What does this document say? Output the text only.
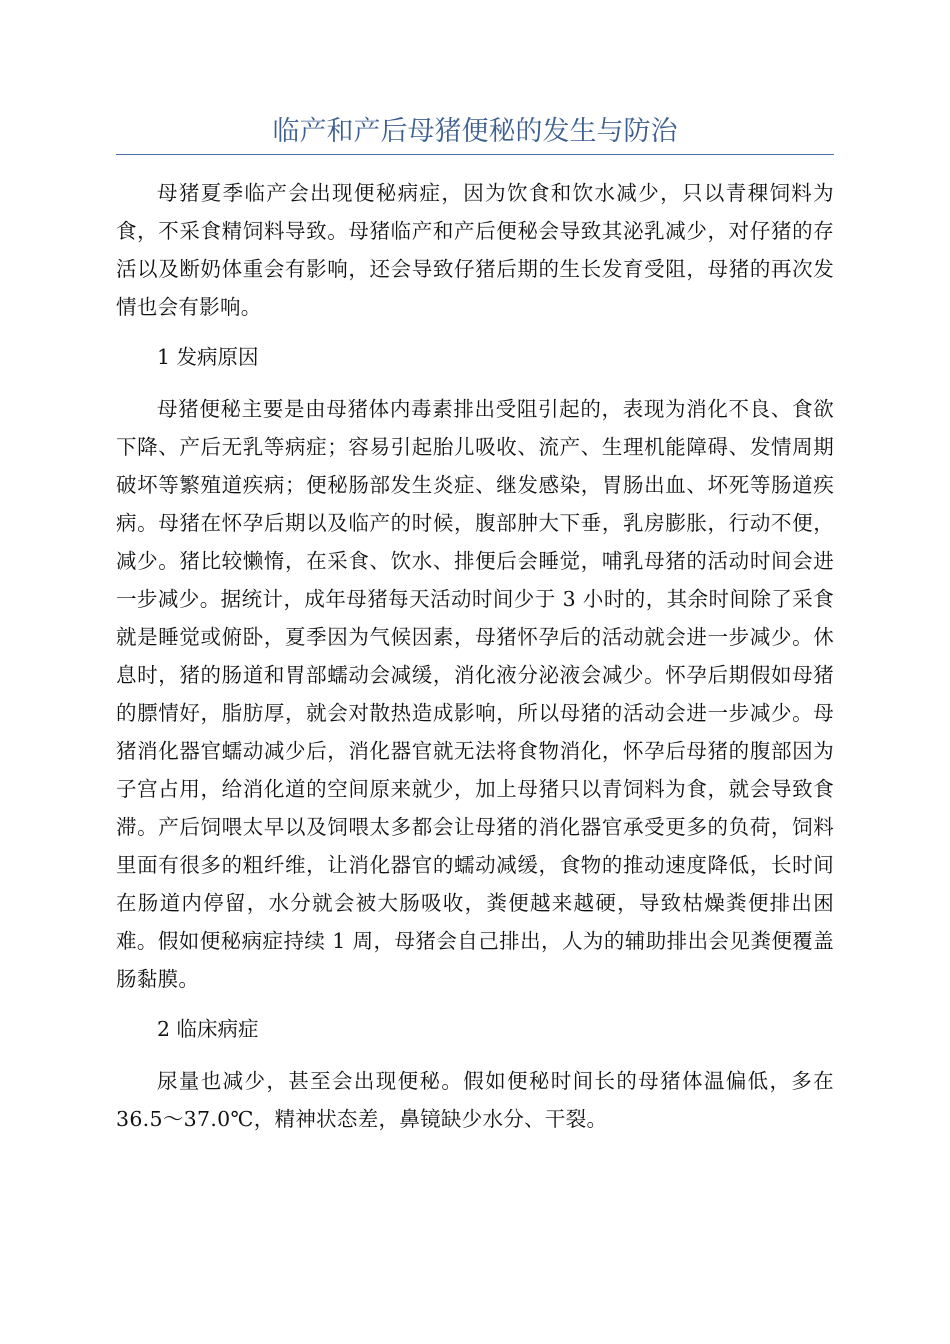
临产和产后母猪便秘的发生与防治

母猪夏季临产会出现便秘病症，因为饮食和饮水减少，只以青稞饲料为食，不采食精饲料导致。母猪临产和产后便秘会导致其泌乳减少，对仔猪的存活以及断奶体重会有影响，还会导致仔猪后期的生长发育受阻，母猪的再次发情也会有影响。

1 发病原因

母猪便秘主要是由母猪体内毒素排出受阻引起的，表现为消化不良、食欲下降、产后无乳等病症；容易引起胎儿吸收、流产、生理机能障碍、发情周期破坏等繁殖道疾病；便秘肠部发生炎症、继发感染，胃肠出血、坏死等肠道疾病。母猪在怀孕后期以及临产的时候，腹部肿大下垂，乳房膨胀，行动不便，减少。猪比较懒惰，在采食、饮水、排便后会睡觉，哺乳母猪的活动时间会进一步减少。据统计，成年母猪每天活动时间少于 3 小时的，其余时间除了采食就是睡觉或俯卧，夏季因为气候因素，母猪怀孕后的活动就会进一步减少。休息时，猪的肠道和胃部蠕动会减缓，消化液分泌液会减少。怀孕后期假如母猪的膘情好，脂肪厚，就会对散热造成影响，所以母猪的活动会进一步减少。母猪消化器官蠕动减少后，消化器官就无法将食物消化，怀孕后母猪的腹部因为子宫占用，给消化道的空间原来就少，加上母猪只以青饲料为食，就会导致食滞。产后饲喂太早以及饲喂太多都会让母猪的消化器官承受更多的负荷，饲料里面有很多的粗纤维，让消化器官的蠕动减缓，食物的推动速度降低，长时间在肠道内停留，水分就会被大肠吸收，粪便越来越硬，导致枯燥粪便排出困难。假如便秘病症持续 1 周，母猪会自己排出，人为的辅助排出会见粪便覆盖肠黏膜。

2 临床病症

尿量也减少，甚至会出现便秘。假如便秘时间长的母猪体温偏低，多在 36.5～37.0℃，精神状态差，鼻镜缺少水分、干裂。
